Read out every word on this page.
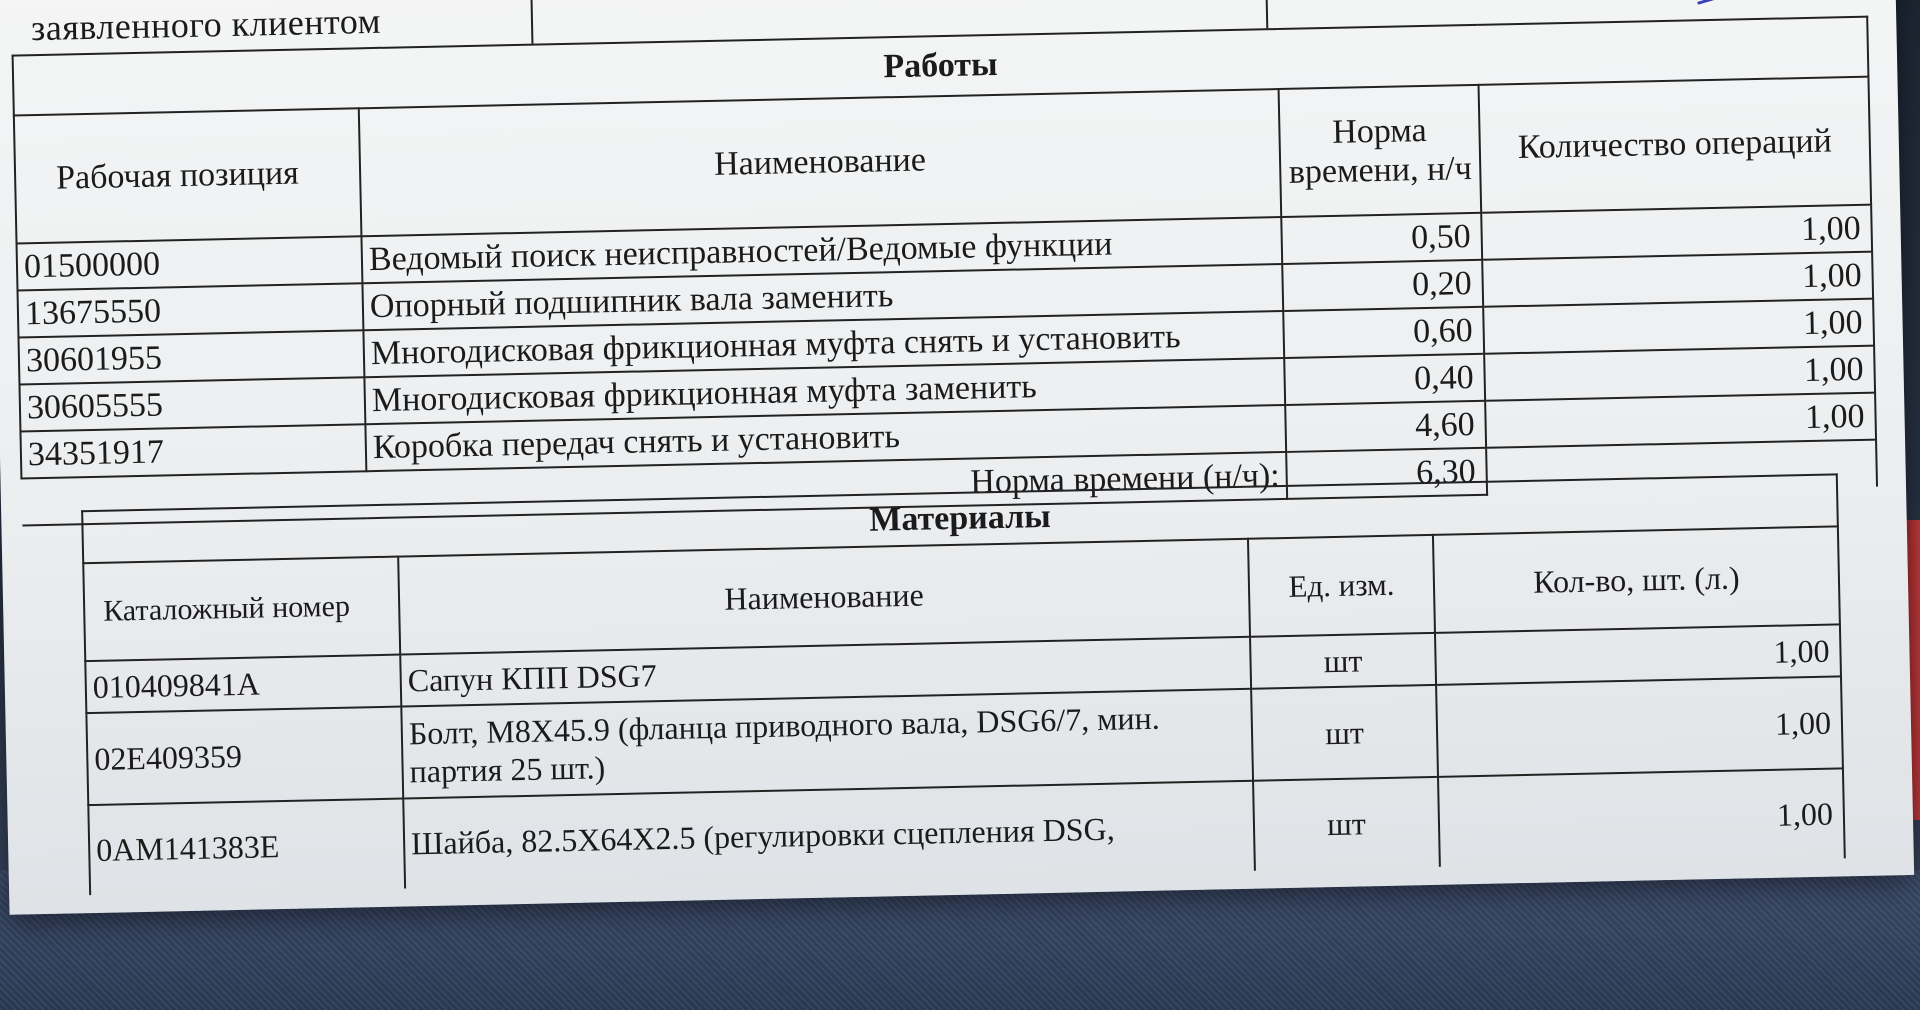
заявленного клиентом
Работы			
Рабочая позиция	Наименование	Норма времени, н/ч	Количество операций
01500000	Ведомый поиск неисправностей/Ведомые функции	0,50	1,00
13675550	Опорный подшипник вала заменить	0,20	1,00
30601955	Многодисковая фрикционная муфта снять и установить	0,60	1,00
30605555	Многодисковая фрикционная муфта заменить	0,40	1,00
34351917	Коробка передач снять и установить	4,60	1,00
Норма времени (н/ч):		6,30	
Материалы			
Каталожный номер	Наименование	Ед. изм.	Кол-во, шт. (л.)
010409841A	Сапун КПП DSG7	шт	1,00
02E409359	Болт, M8X45.9 (фланца приводного вала, DSG6/7, мин. партия 25 шт.)	шт	1,00
0AM141383E	Шайба, 82.5X64X2.5 (регулировки сцепления DSG,	шт	1,00
